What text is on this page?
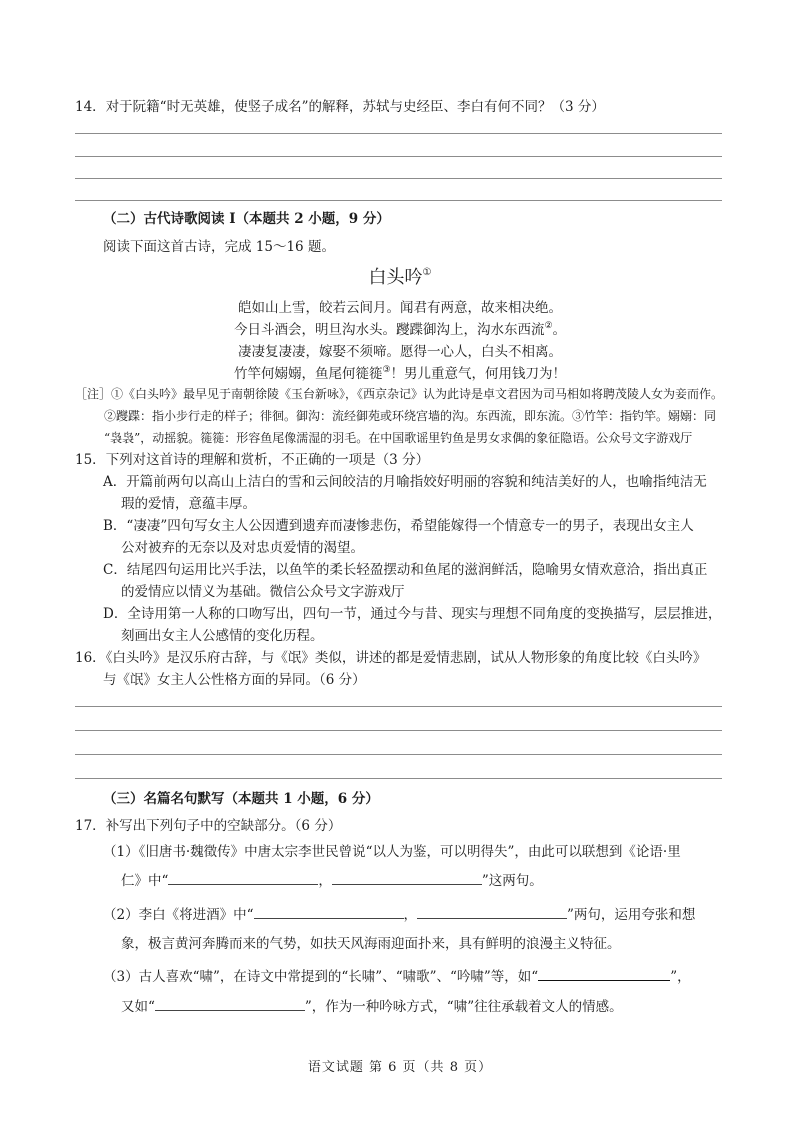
14．对于阮籍“时无英雄，使竖子成名”的解释，苏轼与史经臣、李白有何不同？（3 分）
（二）古代诗歌阅读 I（本题共 2 小题，9 分）
阅读下面这首古诗，完成 15～16 题。
白头吟①
皑如山上雪，皎若云间月。闻君有两意，故来相决绝。
今日斗酒会，明旦沟水头。躞蹀御沟上，沟水东西流②。
凄凄复凄凄，嫁娶不须啼。愿得一心人，白头不相离。
竹竿何嫋嫋，鱼尾何簁簁③！男儿重意气，何用钱刀为！
［注］①《白头吟》最早见于南朝徐陵《玉台新咏》，《西京杂记》认为此诗是卓文君因为司马相如将聘茂陵人女为妾而作。
②躞蹀：指小步行走的样子；徘徊。御沟：流经御苑或环绕宫墙的沟。东西流，即东流。③竹竿：指钓竿。嫋嫋：同
“袅袅”，动摇貌。簁簁：形容鱼尾像濡湿的羽毛。在中国歌谣里钓鱼是男女求偶的象征隐语。公众号文字游戏厅
15．下列对这首诗的理解和赏析，不正确的一项是（3 分）
A．开篇前两句以高山上洁白的雪和云间皎洁的月喻指姣好明丽的容貌和纯洁美好的人，也喻指纯洁无
瑕的爱情，意蕴丰厚。
B．“凄凄”四句写女主人公因遭到遗弃而凄惨悲伤，希望能嫁得一个情意专一的男子，表现出女主人
公对被弃的无奈以及对忠贞爱情的渴望。
C．结尾四句运用比兴手法，以鱼竿的柔长轻盈摆动和鱼尾的滋润鲜活，隐喻男女情欢意洽，指出真正
的爱情应以情义为基础。微信公众号文字游戏厅
D．全诗用第一人称的口吻写出，四句一节，通过今与昔、现实与理想不同角度的变换描写，层层推进，
刻画出女主人公感情的变化历程。
16．《白头吟》是汉乐府古辞，与《氓》类似，讲述的都是爱情悲剧，试从人物形象的角度比较《白头吟》
与《氓》女主人公性格方面的异同。（6 分）
（三）名篇名句默写（本题共 1 小题，6 分）
17．补写出下列句子中的空缺部分。（6 分）
（1）《旧唐书·魏徵传》中唐太宗李世民曾说“以人为鉴，可以明得失”，由此可以联想到《论语·里
仁》中“	，	”这两句。
（2）李白《将进酒》中“	，	”两句，运用夸张和想
象，极言黄河奔腾而来的气势，如扶天风海雨迎面扑来，具有鲜明的浪漫主义特征。
（3）古人喜欢“啸”，在诗文中常提到的“长啸”、“啸歌”、“吟啸”等，如“	”，
又如“	”，作为一种吟咏方式，“啸”往往承载着文人的情感。
语文试题 第 6 页（共 8 页）
